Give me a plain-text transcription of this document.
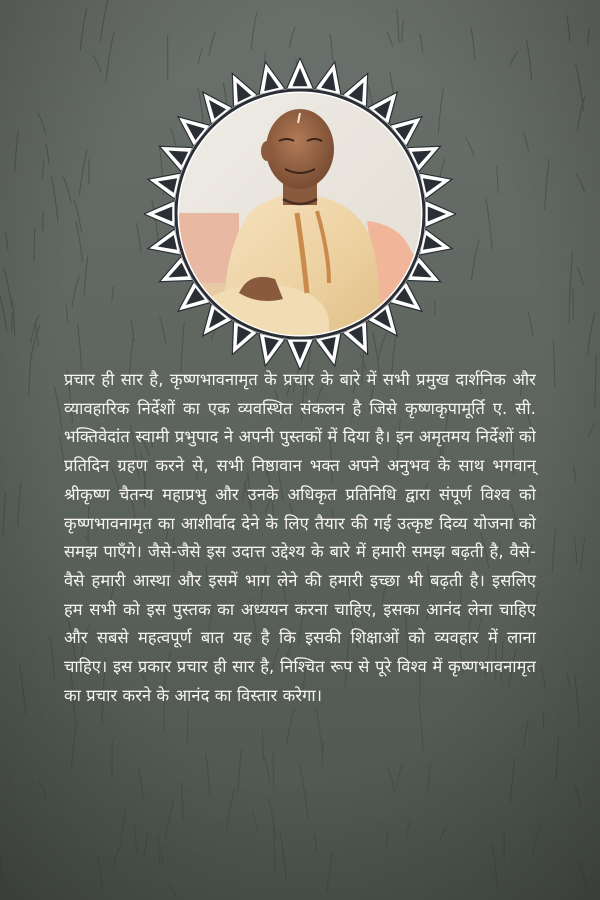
प्रचार ही सार है, कृष्णभावनामृत के प्रचार के बारे में सभी प्रमुख दार्शनिक और व्यावहारिक निर्देशों का एक व्यवस्थित संकलन है जिसे कृष्णकृपामूर्ति ए. सी. भक्तिवेदांत स्वामी प्रभुपाद ने अपनी पुस्तकों में दिया है। इन अमृतमय निर्देशों को प्रतिदिन ग्रहण करने से, सभी निष्ठावान भक्त अपने अनुभव के साथ भगवान् श्रीकृष्ण चैतन्य महाप्रभु और उनके अधिकृत प्रतिनिधि द्वारा संपूर्ण विश्व को कृष्णभावनामृत का आशीर्वाद देने के लिए तैयार की गई उत्कृष्ट दिव्य योजना को समझ पाएँगे। जैसे-जैसे इस उदात्त उद्देश्य के बारे में हमारी समझ बढ़ती है, वैसे-वैसे हमारी आस्था और इसमें भाग लेने की हमारी इच्छा भी बढ़ती है। इसलिए हम सभी को इस पुस्तक का अध्ययन करना चाहिए, इसका आनंद लेना चाहिए और सबसे महत्वपूर्ण बात यह है कि इसकी शिक्षाओं को व्यवहार में लाना चाहिए। इस प्रकार प्रचार ही सार है, निश्चित रूप से पूरे विश्व में कृष्णभावनामृत का प्रचार करने के आनंद का विस्तार करेगा।
